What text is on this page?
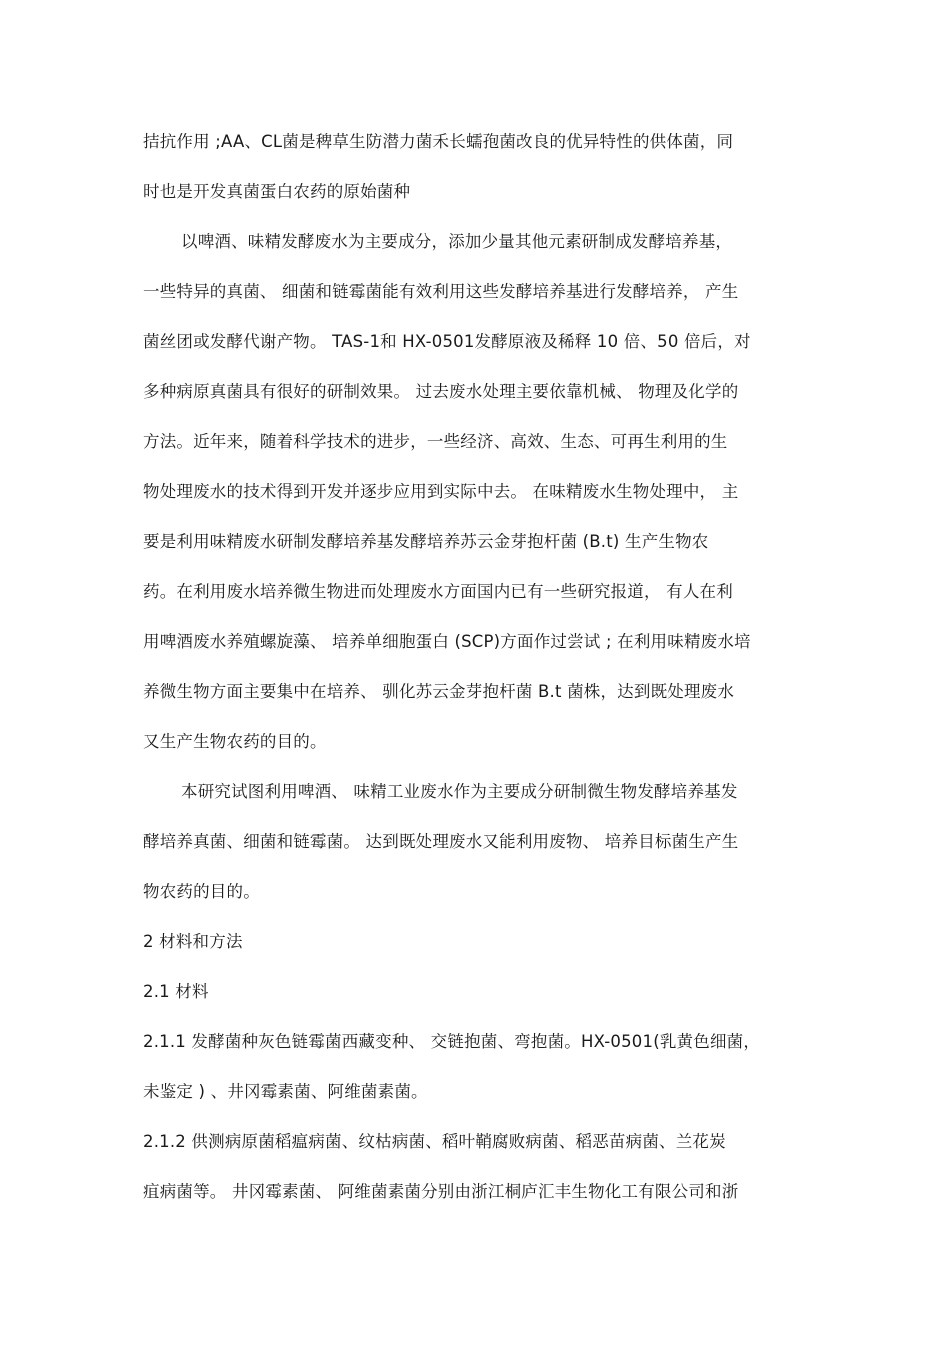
拮抗作用 ;AA、CL菌是稗草生防潜力菌禾长蠕孢菌改良的优异特性的供体菌，同
时也是开发真菌蛋白农药的原始菌种
以啤酒、味精发酵废水为主要成分，添加少量其他元素研制成发酵培养基，
一些特异的真菌、 细菌和链霉菌能有效利用这些发酵培养基进行发酵培养， 产生
菌丝团或发酵代谢产物。 TAS-1和 HX-0501发酵原液及稀释 10 倍、50 倍后，对
多种病原真菌具有很好的研制效果。 过去废水处理主要依靠机械、 物理及化学的
方法。近年来，随着科学技术的进步，一些经济、高效、生态、可再生利用的生
物处理废水的技术得到开发并逐步应用到实际中去。 在味精废水生物处理中， 主
要是利用味精废水研制发酵培养基发酵培养苏云金芽抱杆菌 (B.t) 生产生物农
药。在利用废水培养微生物进而处理废水方面国内已有一些研究报道， 有人在利
用啤酒废水养殖螺旋藻、 培养单细胞蛋白 (SCP)方面作过尝试 ; 在利用味精废水培
养微生物方面主要集中在培养、 驯化苏云金芽抱杆菌 B.t 菌株，达到既处理废水
又生产生物农药的目的。
本研究试图利用啤酒、 味精工业废水作为主要成分研制微生物发酵培养基发
酵培养真菌、细菌和链霉菌。 达到既处理废水又能利用废物、 培养目标菌生产生
物农药的目的。
2 材料和方法
2.1 材料
2.1.1 发酵菌种灰色链霉菌西藏变种、 交链抱菌、弯抱菌。HX-0501(乳黄色细菌，
未鉴定 ) 、井冈霉素菌、阿维菌素菌。
2.1.2 供测病原菌稻瘟病菌、纹枯病菌、稻叶鞘腐败病菌、稻恶苗病菌、兰花炭
疽病菌等。 井冈霉素菌、 阿维菌素菌分别由浙江桐庐汇丰生物化工有限公司和浙
